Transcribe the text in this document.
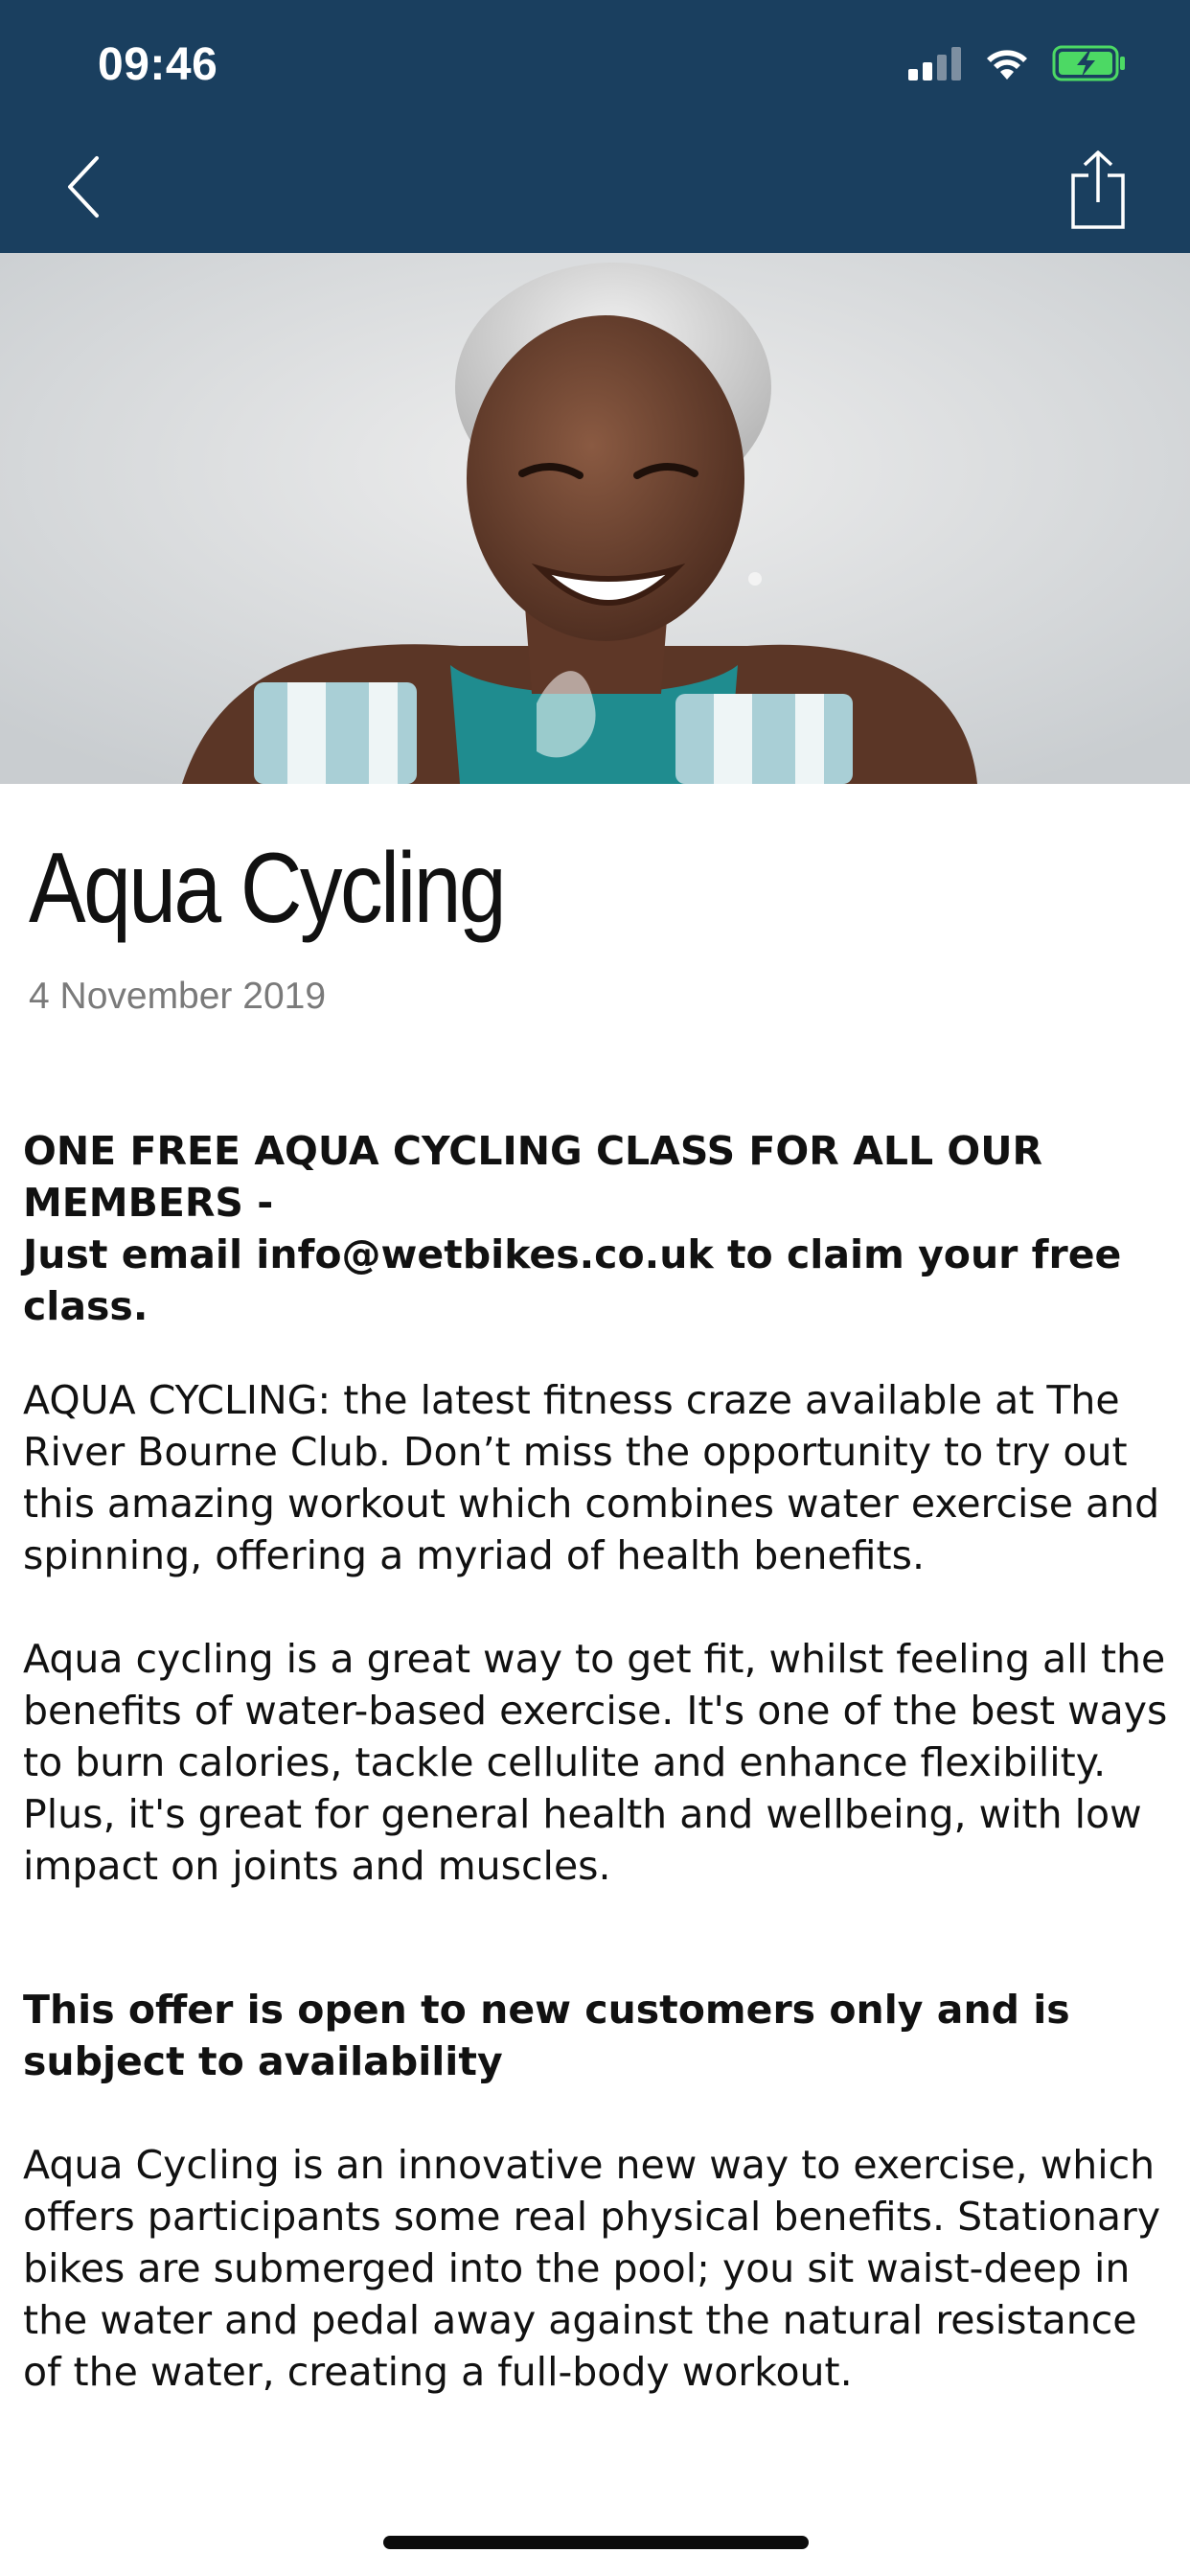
09:46
Aqua Cycling
4 November 2019

ONE FREE AQUA CYCLING CLASS FOR ALL OUR MEMBERS -

Just email info@wetbikes.co.uk to claim your free class.

AQUA CYCLING: the latest fitness craze available at The River Bourne Club. Don’t miss the opportunity to try out this amazing workout which combines water exercise and spinning, offering a myriad of health benefits.

Aqua cycling is a great way to get fit, whilst feeling all the benefits of water-based exercise. It's one of the best ways to burn calories, tackle cellulite and enhance flexibility. Plus, it's great for general health and wellbeing, with low impact on joints and muscles.

This offer is open to new customers only and is subject to availability

Aqua Cycling is an innovative new way to exercise, which offers participants some real physical benefits. Stationary bikes are submerged into the pool; you sit waist-deep in the water and pedal away against the natural resistance of the water, creating a full-body workout.
